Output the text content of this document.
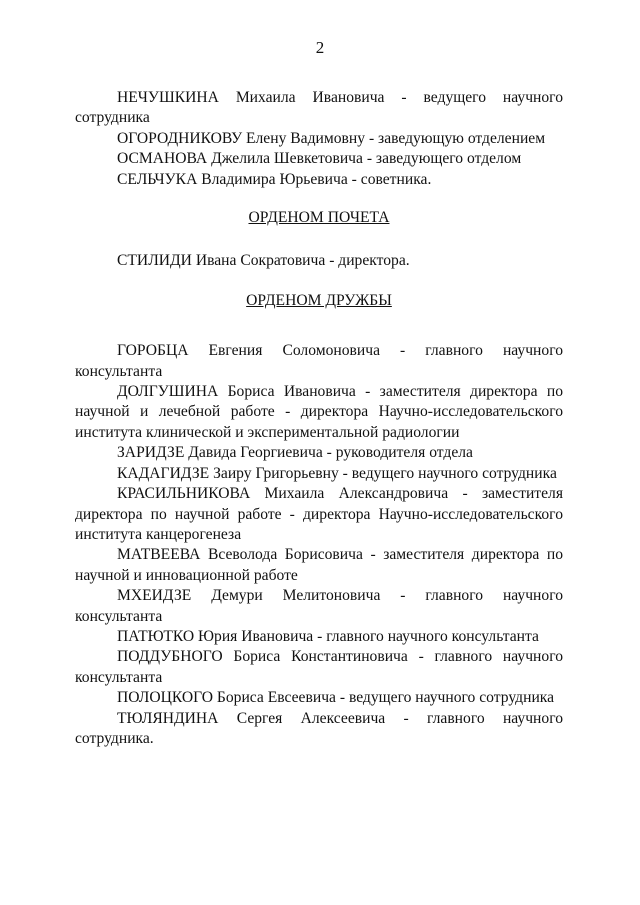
2

НЕЧУШКИНА Михаила Ивановича - ведущего научного сотрудника

ОГОРОДНИКОВУ Елену Вадимовну - заведующую отделением

ОСМАНОВА Джелила Шевкетовича - заведующего отделом

СЕЛЬЧУКА Владимира Юрьевича - советника.

ОРДЕНОМ ПОЧЕТА

СТИЛИДИ Ивана Сократовича - директора.

ОРДЕНОМ ДРУЖБЫ

ГОРОБЦА Евгения Соломоновича - главного научного консультанта

ДОЛГУШИНА Бориса Ивановича - заместителя директора по научной и лечебной работе - директора Научно-исследовательского института клинической и экспериментальной радиологии

ЗАРИДЗЕ Давида Георгиевича - руководителя отдела

КАДАГИДЗЕ Заиру Григорьевну - ведущего научного сотрудника

КРАСИЛЬНИКОВА Михаила Александровича - заместителя директора по научной работе - директора Научно-исследовательского института канцерогенеза

МАТВЕЕВА Всеволода Борисовича - заместителя директора по научной и инновационной работе

МХЕИДЗЕ Демури Мелитоновича - главного научного консультанта

ПАТЮТКО Юрия Ивановича - главного научного консультанта

ПОДДУБНОГО Бориса Константиновича - главного научного консультанта

ПОЛОЦКОГО Бориса Евсеевича - ведущего научного сотрудника

ТЮЛЯНДИНА Сергея Алексеевича - главного научного сотрудника.
